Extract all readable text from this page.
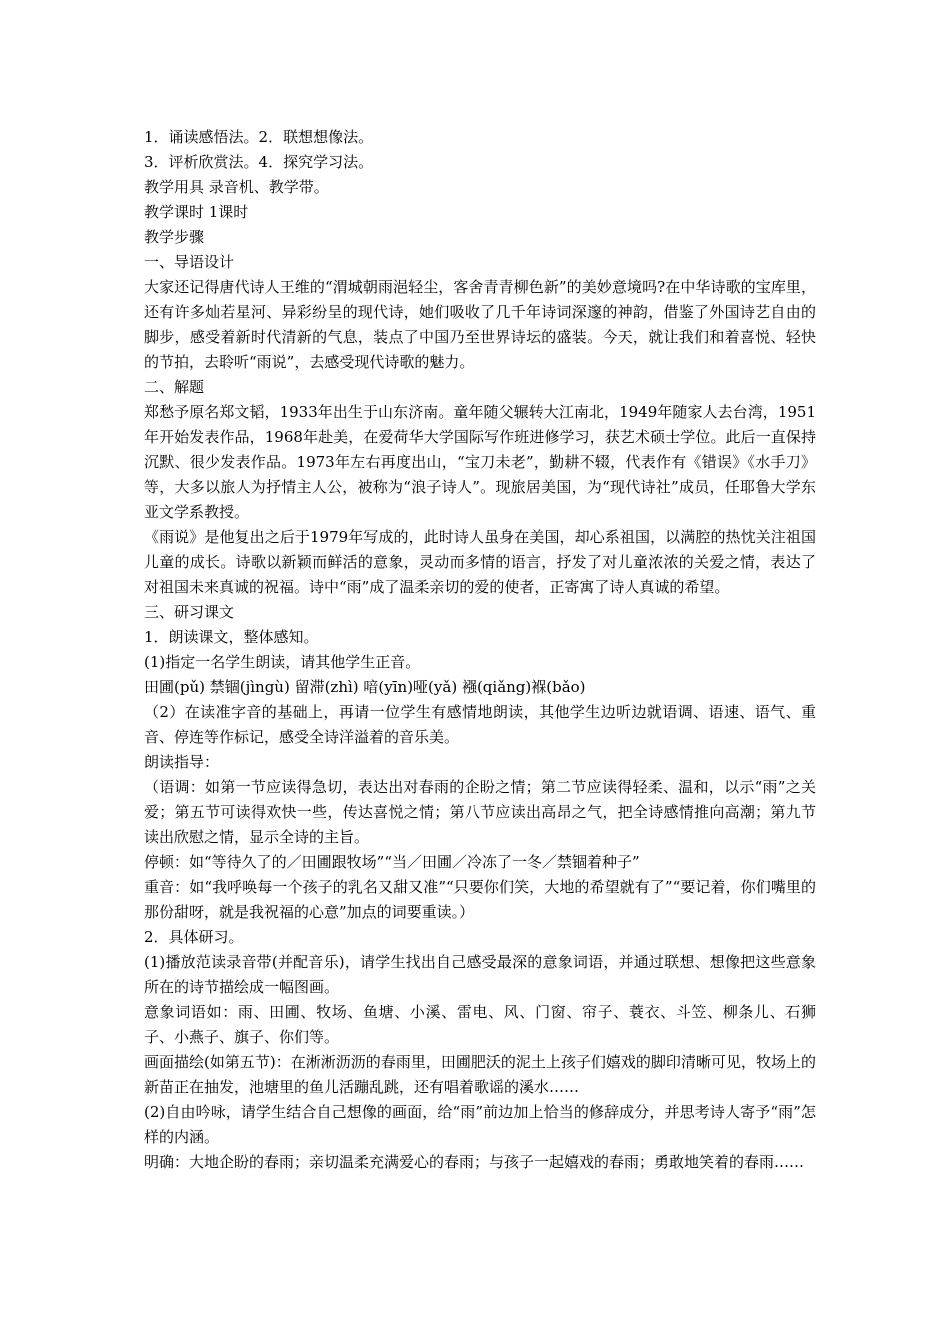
1．诵读感悟法。2．联想想像法。

3．评析欣赏法。4．探究学习法。

教学用具 录音机、教学带。

教学课时 1课时

教学步骤

一、导语设计

大家还记得唐代诗人王维的“渭城朝雨浥轻尘，客舍青青柳色新”的美妙意境吗?在中华诗歌的宝库里，还有许多灿若星河、异彩纷呈的现代诗，她们吸收了几千年诗词深邃的神韵，借鉴了外国诗艺自由的脚步，感受着新时代清新的气息，装点了中国乃至世界诗坛的盛装。今天，就让我们和着喜悦、轻快的节拍，去聆听“雨说”，去感受现代诗歌的魅力。

二、解题

郑愁予原名郑文韬，1933年出生于山东济南。童年随父辗转大江南北，1949年随家人去台湾，1951年开始发表作品，1968年赴美，在爱荷华大学国际写作班进修学习，获艺术硕士学位。此后一直保持沉默、很少发表作品。1973年左右再度出山，“宝刀未老”，勤耕不辍，代表作有《错误》《水手刀》等，大多以旅人为抒情主人公，被称为“浪子诗人”。现旅居美国，为“现代诗社”成员，任耶鲁大学东亚文学系教授。

《雨说》是他复出之后于1979年写成的，此时诗人虽身在美国，却心系祖国，以满腔的热忱关注祖国儿童的成长。诗歌以新颖而鲜活的意象，灵动而多情的语言，抒发了对儿童浓浓的关爱之情，表达了对祖国未来真诚的祝福。诗中“雨”成了温柔亲切的爱的使者，正寄寓了诗人真诚的希望。

三、研习课文

1．朗读课文，整体感知。

(1)指定一名学生朗读，请其他学生正音。

田圃(pǔ) 禁锢(jìngù) 留滞(zhì) 喑(yīn)哑(yǎ) 襁(qiǎng)褓(bǎo)

（2）在读准字音的基础上，再请一位学生有感情地朗读，其他学生边听边就语调、语速、语气、重音、停连等作标记，感受全诗洋溢着的音乐美。

朗读指导：

（语调：如第一节应读得急切，表达出对春雨的企盼之情；第二节应读得轻柔、温和，以示“雨”之关爱；第五节可读得欢快一些，传达喜悦之情；第八节应读出高昂之气，把全诗感情推向高潮；第九节读出欣慰之情，显示全诗的主旨。

停顿：如“等待久了的／田圃跟牧场”“当／田圃／冷冻了一冬／禁锢着种子”

重音：如“我呼唤每一个孩子的乳名又甜又准”“只要你们笑，大地的希望就有了”“要记着，你们嘴里的那份甜呀，就是我祝福的心意”加点的词要重读。）

2．具体研习。

(1)播放范读录音带(并配音乐)，请学生找出自己感受最深的意象词语，并通过联想、想像把这些意象所在的诗节描绘成一幅图画。

意象词语如：雨、田圃、牧场、鱼塘、小溪、雷电、风、门窗、帘子、蓑衣、斗笠、柳条儿、石狮子、小燕子、旗子、你们等。

画面描绘(如第五节)：在淅淅沥沥的春雨里，田圃肥沃的泥土上孩子们嬉戏的脚印清晰可见，牧场上的新苗正在抽发，池塘里的鱼儿活蹦乱跳，还有唱着歌谣的溪水……

(2)自由吟咏，请学生结合自己想像的画面，给“雨”前边加上恰当的修辞成分，并思考诗人寄予“雨”怎样的内涵。

明确：大地企盼的春雨；亲切温柔充满爱心的春雨；与孩子一起嬉戏的春雨；勇敢地笑着的春雨……
